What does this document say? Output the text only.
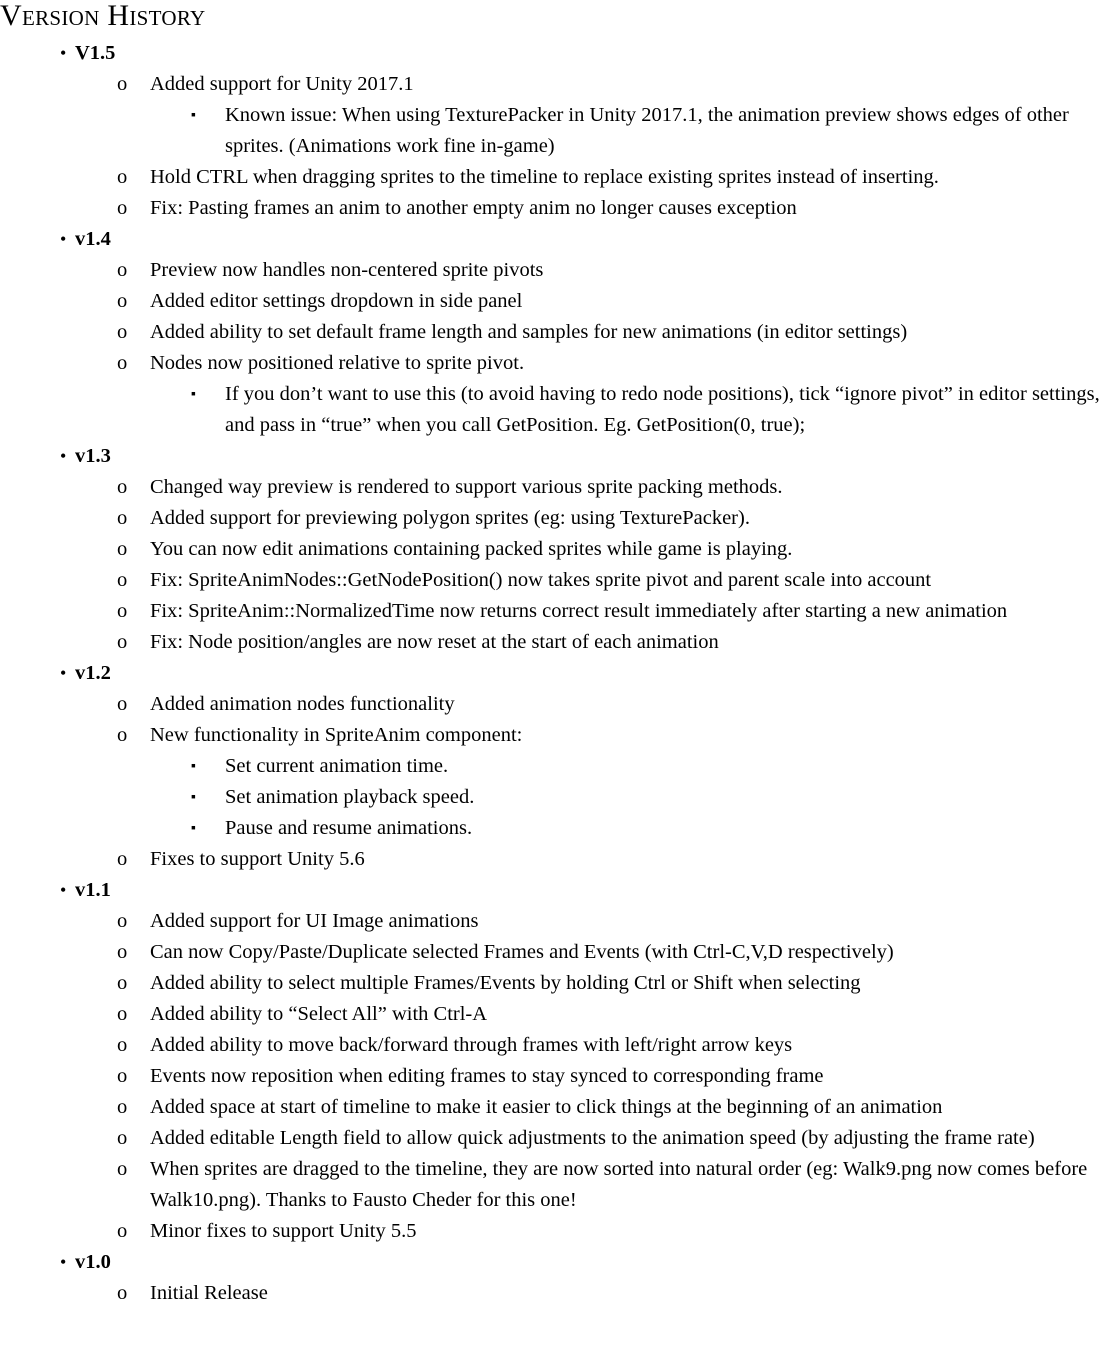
Version History
• V1.5
o Added support for Unity 2017.1
▪ Known issue: When using TexturePacker in Unity 2017.1, the animation preview shows edges of other sprites. (Animations work fine in-game)
o Hold CTRL when dragging sprites to the timeline to replace existing sprites instead of inserting.
o Fix: Pasting frames an anim to another empty anim no longer causes exception
• v1.4
o Preview now handles non-centered sprite pivots
o Added editor settings dropdown in side panel
o Added ability to set default frame length and samples for new animations (in editor settings)
o Nodes now positioned relative to sprite pivot.
▪ If you don’t want to use this (to avoid having to redo node positions), tick “ignore pivot” in editor settings, and pass in “true” when you call GetPosition. Eg. GetPosition(0, true);
• v1.3
o Changed way preview is rendered to support various sprite packing methods.
o Added support for previewing polygon sprites (eg: using TexturePacker).
o You can now edit animations containing packed sprites while game is playing.
o Fix: SpriteAnimNodes::GetNodePosition() now takes sprite pivot and parent scale into account
o Fix: SpriteAnim::NormalizedTime now returns correct result immediately after starting a new animation
o Fix: Node position/angles are now reset at the start of each animation
• v1.2
o Added animation nodes functionality
o New functionality in SpriteAnim component:
▪ Set current animation time.
▪ Set animation playback speed.
▪ Pause and resume animations.
o Fixes to support Unity 5.6
• v1.1
o Added support for UI Image animations
o Can now Copy/Paste/Duplicate selected Frames and Events (with Ctrl-C,V,D respectively)
o Added ability to select multiple Frames/Events by holding Ctrl or Shift when selecting
o Added ability to “Select All” with Ctrl-A
o Added ability to move back/forward through frames with left/right arrow keys
o Events now reposition when editing frames to stay synced to corresponding frame
o Added space at start of timeline to make it easier to click things at the beginning of an animation
o Added editable Length field to allow quick adjustments to the animation speed (by adjusting the frame rate)
o When sprites are dragged to the timeline, they are now sorted into natural order (eg: Walk9.png now comes before Walk10.png). Thanks to Fausto Cheder for this one!
o Minor fixes to support Unity 5.5
• v1.0
o Initial Release
